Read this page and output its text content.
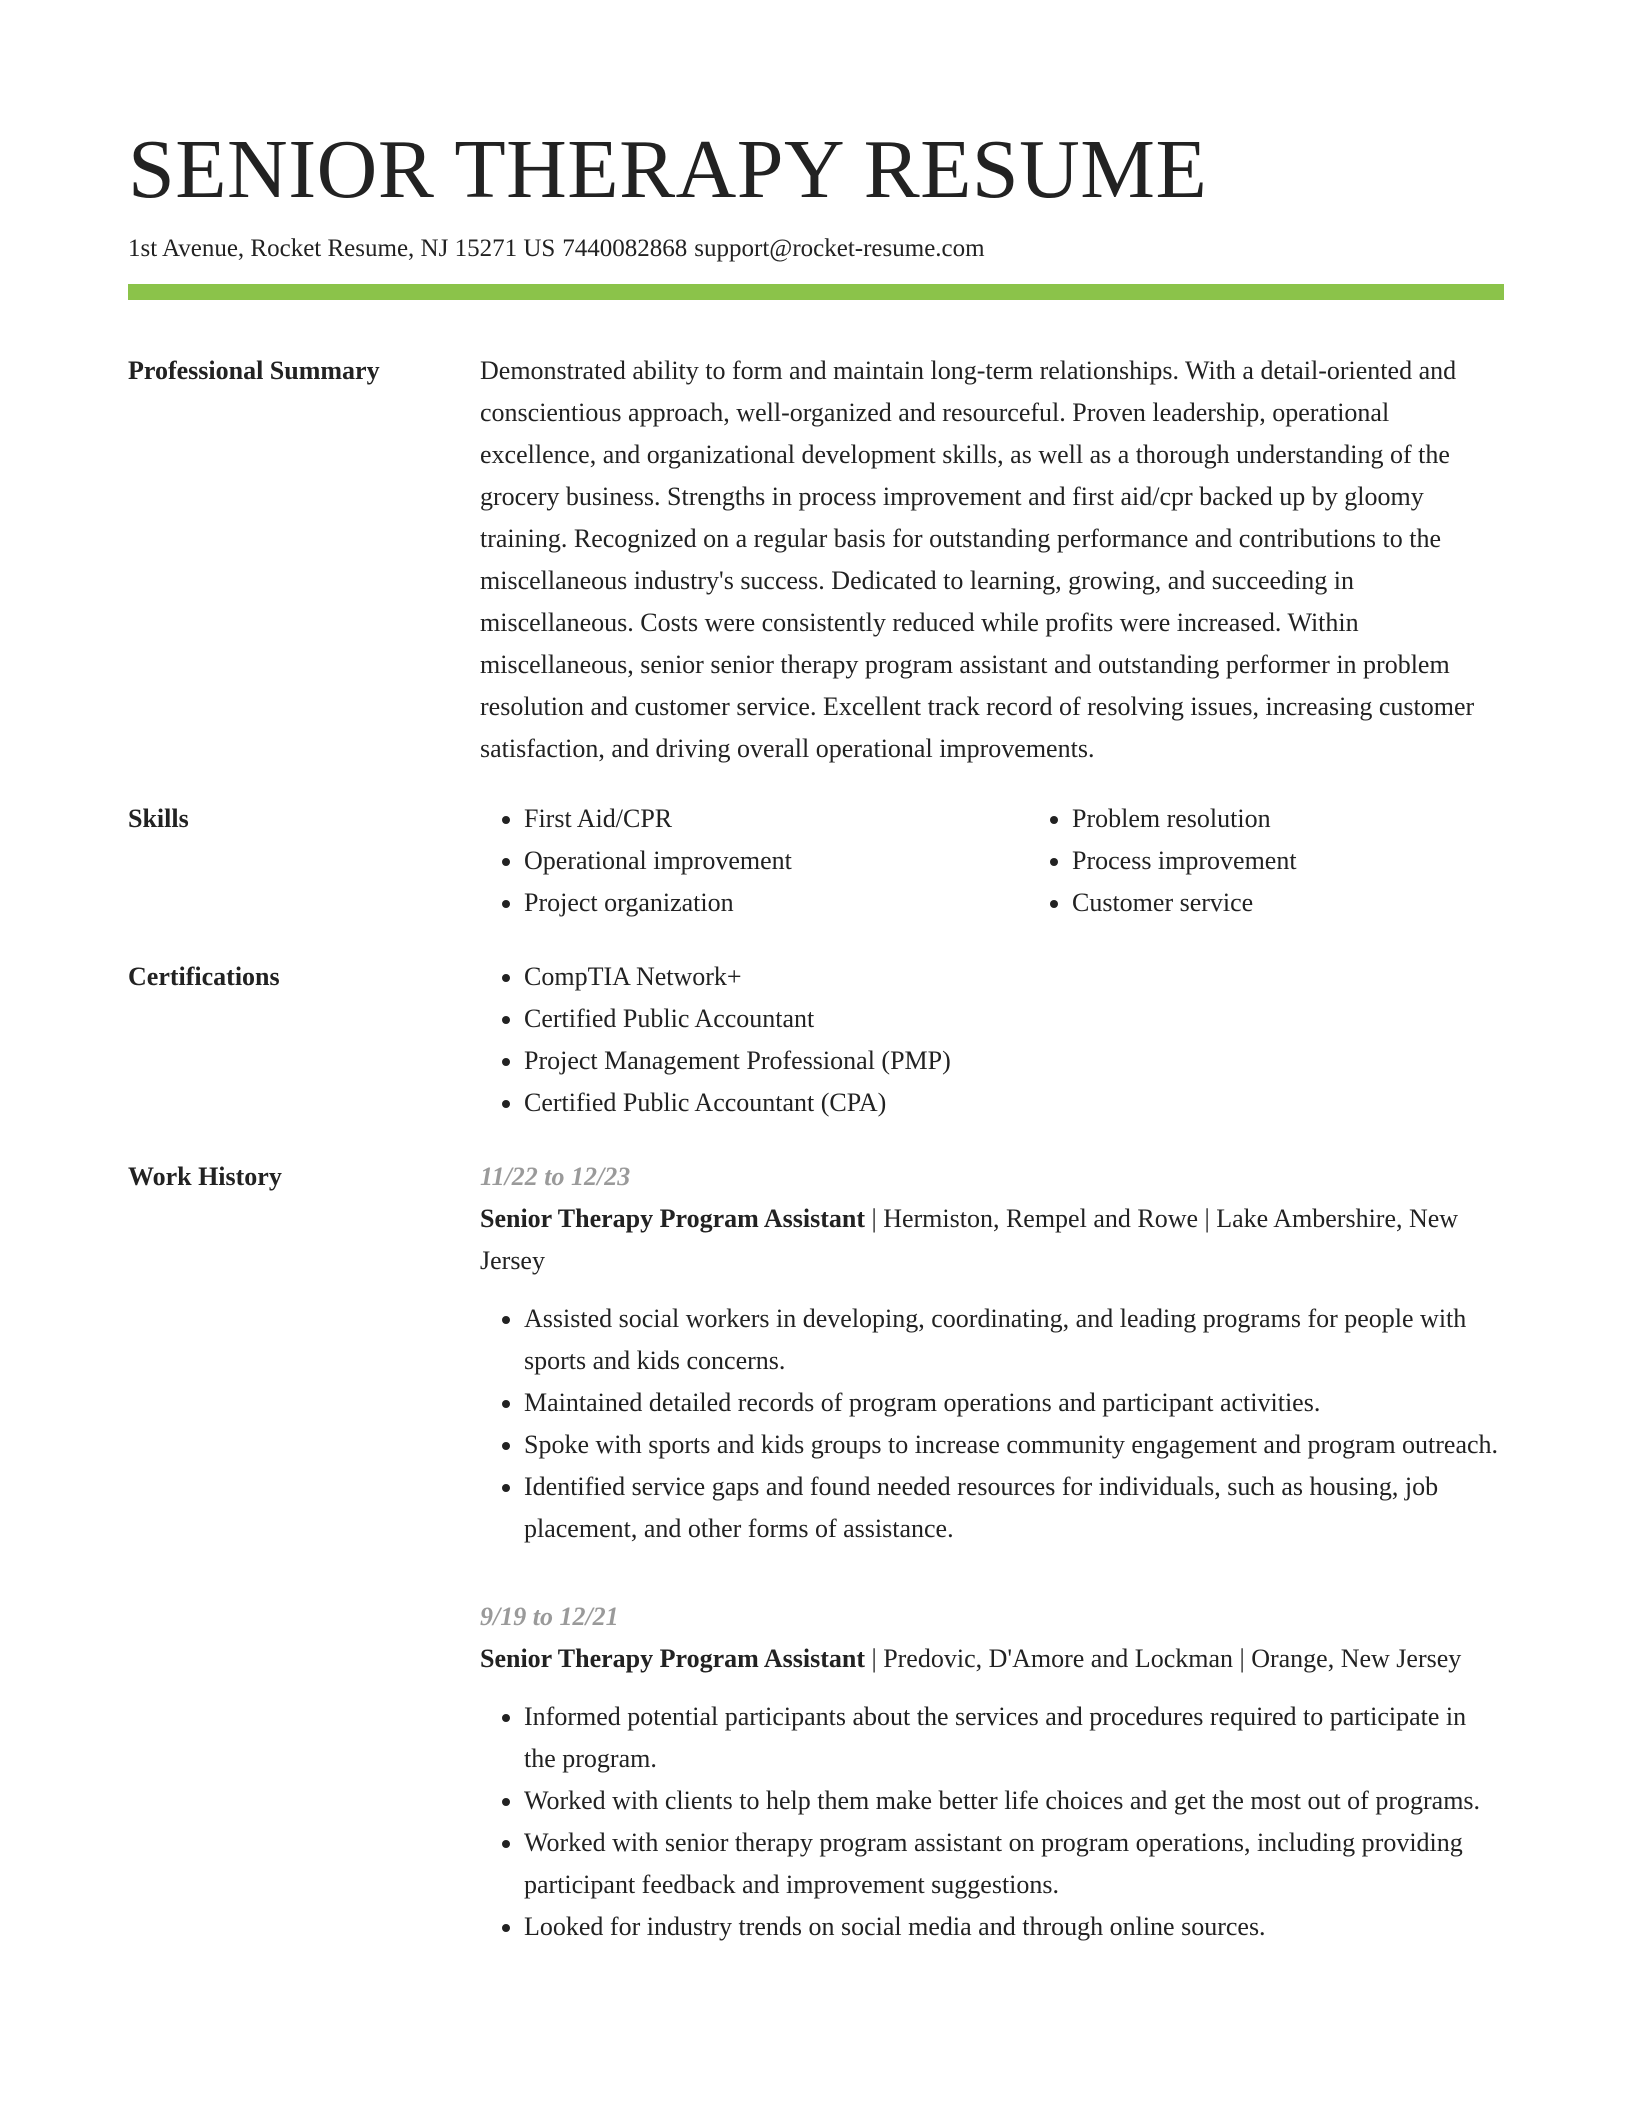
SENIOR THERAPY RESUME
1st Avenue, Rocket Resume, NJ 15271 US 7440082868 support@rocket-resume.com
Professional Summary	Demonstrated ability to form and maintain long-term relationships. With a detail-oriented and conscientious approach, well-organized and resourceful. Proven leadership, operational excellence, and organizational development skills, as well as a thorough understanding of the grocery business. Strengths in process improvement and first aid/cpr backed up by gloomy training. Recognized on a regular basis for outstanding performance and contributions to the miscellaneous industry's success. Dedicated to learning, growing, and succeeding in miscellaneous. Costs were consistently reduced while profits were increased. Within miscellaneous, senior senior therapy program assistant and outstanding performer in problem resolution and customer service. Excellent track record of resolving issues, increasing customer satisfaction, and driving overall operational improvements.

Skills	• First Aid/CPR
• Operational improvement
• Project organization
• Problem resolution
• Process improvement
• Customer service
Certifications	• CompTIA Network+
• Certified Public Accountant
• Project Management Professional (PMP)
• Certified Public Accountant (CPA)
Work History	11/22 to 12/23
Senior Therapy Program Assistant | Hermiston, Rempel and Rowe | Lake Ambershire, New Jersey
• Assisted social workers in developing, coordinating, and leading programs for people with sports and kids concerns.
• Maintained detailed records of program operations and participant activities.
• Spoke with sports and kids groups to increase community engagement and program outreach.
• Identified service gaps and found needed resources for individuals, such as housing, job placement, and other forms of assistance.
9/19 to 12/21
Senior Therapy Program Assistant | Predovic, D'Amore and Lockman | Orange, New Jersey
• Informed potential participants about the services and procedures required to participate in the program.
• Worked with clients to help them make better life choices and get the most out of programs.
• Worked with senior therapy program assistant on program operations, including providing participant feedback and improvement suggestions.
• Looked for industry trends on social media and through online sources.
